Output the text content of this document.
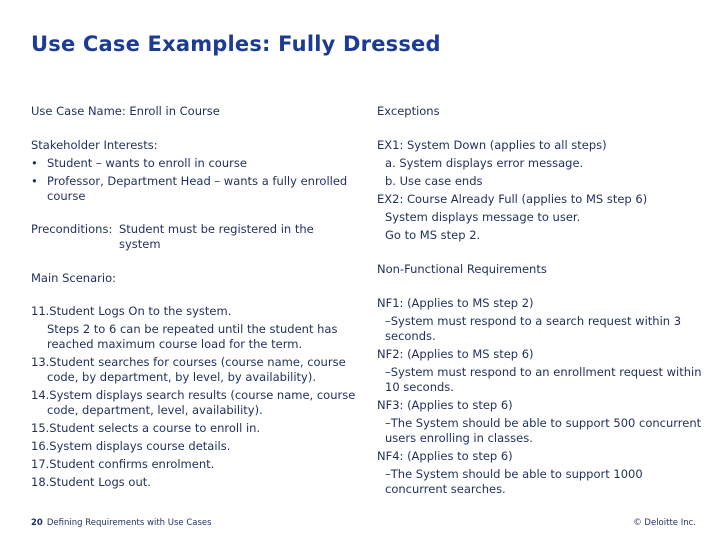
Use Case Examples: Fully Dressed

Use Case Name: Enroll in Course

Stakeholder Interests:

• Student – wants to enroll in course

• Professor, Department Head – wants a fully enrolled course

Preconditions: Student must be registered in the system

Main Scenario:

11.Student Logs On to the system.

Steps 2 to 6 can be repeated until the student has reached maximum course load for the term.

13.Student searches for courses (course name, course code, by department, by level, by availability).

14.System displays search results (course name, course code, department, level, availability).

15.Student selects a course to enroll in.

16.System displays course details.

17.Student confirms enrolment.

18.Student Logs out.

Exceptions

EX1: System Down (applies to all steps)

a. System displays error message.

b. Use case ends

EX2: Course Already Full (applies to MS step 6)

System displays message to user.

Go to MS step 2.

Non-Functional Requirements

NF1: (Applies to MS step 2)

–System must respond to a search request within 3 seconds.

NF2: (Applies to MS step 6)

–System must respond to an enrollment request within 10 seconds.

NF3: (Applies to step 6)

–The System should be able to support 500 concurrent users enrolling in classes.

NF4: (Applies to step 6)

–The System should be able to support 1000 concurrent searches.

20 Defining Requirements with Use Cases	© Deloitte Inc.
